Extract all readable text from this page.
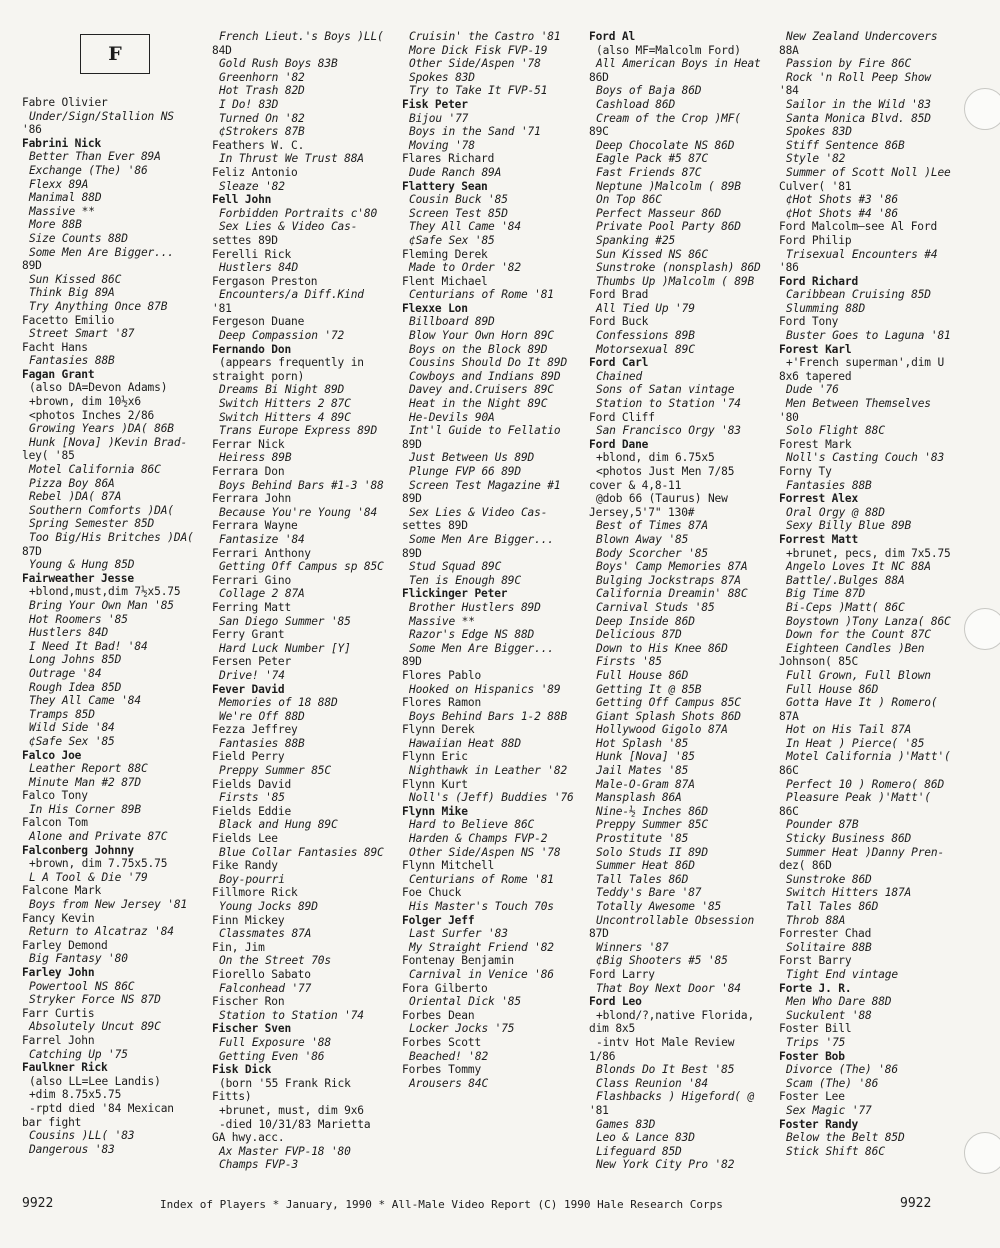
F
Fabre Olivier
Under/Sign/Stallion NS
'86
Fabrini Nick
Better Than Ever 89A
Exchange (The) '86
Flexx 89A
Manimal 88D
Massive **
More 88B
Size Counts 88D
Some Men Are Bigger...
89D
Sun Kissed 86C
Think Big 89A
Try Anything Once 87B
Facetto Emilio
Street Smart '87
Facht Hans
Fantasies 88B
Fagan Grant
(also DA=Devon Adams)
+brown, dim 10½x6
<photos Inches 2/86
Growing Years )DA( 86B
Hunk [Nova] )Kevin Brad-
ley( '85
Motel California 86C
Pizza Boy 86A
Rebel )DA( 87A
Southern Comforts )DA(
Spring Semester 85D
Too Big/His Britches )DA(
87D
Young & Hung 85D
Fairweather Jesse
+blond,must,dim 7½x5.75
Bring Your Own Man '85
Hot Roomers '85
Hustlers 84D
I Need It Bad! '84
Long Johns 85D
Outrage '84
Rough Idea 85D
They All Came '84
Tramps 85D
Wild Side '84
¢Safe Sex '85
Falco Joe
Leather Report 88C
Minute Man #2 87D
Falco Tony
In His Corner 89B
Falcon Tom
Alone and Private 87C
Falconberg Johnny
+brown, dim 7.75x5.75
L A Tool & Die '79
Falcone Mark
Boys from New Jersey '81
Fancy Kevin
Return to Alcatraz '84
Farley Demond
Big Fantasy '80
Farley John
Powertool NS 86C
Stryker Force NS 87D
Farr Curtis
Absolutely Uncut 89C
Farrel John
Catching Up '75
Faulkner Rick
(also LL=Lee Landis)
+dim 8.75x5.75
-rptd died '84 Mexican
bar fight
Cousins )LL( '83
Dangerous '83
French Lieut.'s Boys )LL(
84D
Gold Rush Boys 83B
Greenhorn '82
Hot Trash 82D
I Do! 83D
Turned On '82
¢Strokers 87B
Feathers W. C.
In Thrust We Trust 88A
Feliz Antonio
Sleaze '82
Fell John
Forbidden Portraits c'80
Sex Lies & Video Cas-
settes 89D
Ferelli Rick
Hustlers 84D
Fergason Preston
Encounters/a Diff.Kind
'81
Fergeson Duane
Deep Compassion '72
Fernando Don
(appears frequently in
straight porn)
Dreams Bi Night 89D
Switch Hitters 2 87C
Switch Hitters 4 89C
Trans Europe Express 89D
Ferrar Nick
Heiress 89B
Ferrara Don
Boys Behind Bars #1-3 '88
Ferrara John
Because You're Young '84
Ferrara Wayne
Fantasize '84
Ferrari Anthony
Getting Off Campus sp 85C
Ferrari Gino
Collage 2 87A
Ferring Matt
San Diego Summer '85
Ferry Grant
Hard Luck Number [Y]
Fersen Peter
Drive! '74
Fever David
Memories of 18 88D
We're Off 88D
Fezza Jeffrey
Fantasies 88B
Field Perry
Preppy Summer 85C
Fields David
Firsts '85
Fields Eddie
Black and Hung 89C
Fields Lee
Blue Collar Fantasies 89C
Fike Randy
Boy-pourri
Fillmore Rick
Young Jocks 89D
Finn Mickey
Classmates 87A
Fin, Jim
On the Street 70s
Fiorello Sabato
Falconhead '77
Fischer Ron
Station to Station '74
Fischer Sven
Full Exposure '88
Getting Even '86
Fisk Dick
(born '55 Frank Rick
Fitts)
+brunet, must, dim 9x6
-died 10/31/83 Marietta
GA hwy.acc.
Ax Master FVP-18 '80
Champs FVP-3
Cruisin' the Castro '81
More Dick Fisk FVP-19
Other Side/Aspen '78
Spokes 83D
Try to Take It FVP-51
Fisk Peter
Bijou '77
Boys in the Sand '71
Moving '78
Flares Richard
Dude Ranch 89A
Flattery Sean
Cousin Buck '85
Screen Test 85D
They All Came '84
¢Safe Sex '85
Fleming Derek
Made to Order '82
Flent Michael
Centurians of Rome '81
Flexxe Lon
Billboard 89D
Blow Your Own Horn 89C
Boys on the Block 89D
Cousins Should Do It 89D
Cowboys and Indians 89D
Davey and.Cruisers 89C
Heat in the Night 89C
He-Devils 90A
Int'l Guide to Fellatio
89D
Just Between Us 89D
Plunge FVP 66 89D
Screen Test Magazine #1
89D
Sex Lies & Video Cas-
settes 89D
Some Men Are Bigger...
89D
Stud Squad 89C
Ten is Enough 89C
Flickinger Peter
Brother Hustlers 89D
Massive **
Razor's Edge NS 88D
Some Men Are Bigger...
89D
Flores Pablo
Hooked on Hispanics '89
Flores Ramon
Boys Behind Bars 1-2 88B
Flynn Derek
Hawaiian Heat 88D
Flynn Eric
Nighthawk in Leather '82
Flynn Kurt
Noll's (Jeff) Buddies '76
Flynn Mike
Hard to Believe 86C
Harden & Champs FVP-2
Other Side/Aspen NS '78
Flynn Mitchell
Centurians of Rome '81
Foe Chuck
His Master's Touch 70s
Folger Jeff
Last Surfer '83
My Straight Friend '82
Fontenay Benjamin
Carnival in Venice '86
Fora Gilberto
Oriental Dick '85
Forbes Dean
Locker Jocks '75
Forbes Scott
Beached! '82
Forbes Tommy
Arousers 84C
Ford Al
(also MF=Malcolm Ford)
All American Boys in Heat
86D
Boys of Baja 86D
Cashload 86D
Cream of the Crop )MF(
89C
Deep Chocolate NS 86D
Eagle Pack #5 87C
Fast Friends 87C
Neptune )Malcolm ( 89B
On Top 86C
Perfect Masseur 86D
Private Pool Party 86D
Spanking #25
Sun Kissed NS 86C
Sunstroke (nonsplash) 86D
Thumbs Up )Malcolm ( 89B
Ford Brad
All Tied Up '79
Ford Buck
Confessions 89B
Motorsexual 89C
Ford Carl
Chained
Sons of Satan vintage
Station to Station '74
Ford Cliff
San Francisco Orgy '83
Ford Dane
+blond, dim 6.75x5
<photos Just Men 7/85
cover & 4,8-11
@dob 66 (Taurus) New
Jersey,5'7" 130#
Best of Times 87A
Blown Away '85
Body Scorcher '85
Boys' Camp Memories 87A
Bulging Jockstraps 87A
California Dreamin' 88C
Carnival Studs '85
Deep Inside 86D
Delicious 87D
Down to His Knee 86D
Firsts '85
Full House 86D
Getting It @ 85B
Getting Off Campus 85C
Giant Splash Shots 86D
Hollywood Gigolo 87A
Hot Splash '85
Hunk [Nova] '85
Jail Mates '85
Male-O-Gram 87A
Mansplash 86A
Nine-½ Inches 86D
Preppy Summer 85C
Prostitute '85
Solo Studs II 89D
Summer Heat 86D
Tall Tales 86D
Teddy's Bare '87
Totally Awesome '85
Uncontrollable Obsession
87D
Winners '87
¢Big Shooters #5 '85
Ford Larry
That Boy Next Door '84
Ford Leo
+blond/?,native Florida,
dim 8x5
-intv Hot Male Review
1/86
Blonds Do It Best '85
Class Reunion '84
Flashbacks ) Higeford( @
'81
Games 83D
Leo & Lance 83D
Lifeguard 85D
New York City Pro '82
New Zealand Undercovers
88A
Passion by Fire 86C
Rock 'n Roll Peep Show
'84
Sailor in the Wild '83
Santa Monica Blvd. 85D
Spokes 83D
Stiff Sentence 86B
Style '82
Summer of Scott Noll )Lee
Culver( '81
¢Hot Shots #3 '86
¢Hot Shots #4 '86
Ford Malcolm—see Al Ford
Ford Philip
Trisexual Encounters #4
'86
Ford Richard
Caribbean Cruising 85D
Slumming 88D
Ford Tony
Buster Goes to Laguna '81
Forest Karl
+'French superman',dim U
8x6 tapered
Dude '76
Men Between Themselves
'80
Solo Flight 88C
Forest Mark
Noll's Casting Couch '83
Forny Ty
Fantasies 88B
Forrest Alex
Oral Orgy @ 88D
Sexy Billy Blue 89B
Forrest Matt
+brunet, pecs, dim 7x5.75
Angelo Loves It NC 88A
Battle/.Bulges 88A
Big Time 87D
Bi-Ceps )Matt( 86C
Boystown )Tony Lanza( 86C
Down for the Count 87C
Eighteen Candles )Ben
Johnson( 85C
Full Grown, Full Blown
Full House 86D
Gotta Have It ) Romero(
87A
Hot on His Tail 87A
In Heat ) Pierce( '85
Motel California )'Matt'(
86C
Perfect 10 ) Romero( 86D
Pleasure Peak )'Matt'(
86C
Pounder 87B
Sticky Business 86D
Summer Heat )Danny Pren-
dez( 86D
Sunstroke 86D
Switch Hitters 187A
Tall Tales 86D
Throb 88A
Forrester Chad
Solitaire 88B
Forst Barry
Tight End vintage
Forte J. R.
Men Who Dare 88D
Suckulent '88
Foster Bill
Trips '75
Foster Bob
Divorce (The) '86
Scam (The) '86
Foster Lee
Sex Magic '77
Foster Randy
Below the Belt 85D
Stick Shift 86C
9922	Index of Players * January, 1990 * All-Male Video Report (C) 1990 Hale Research Corps	9922
